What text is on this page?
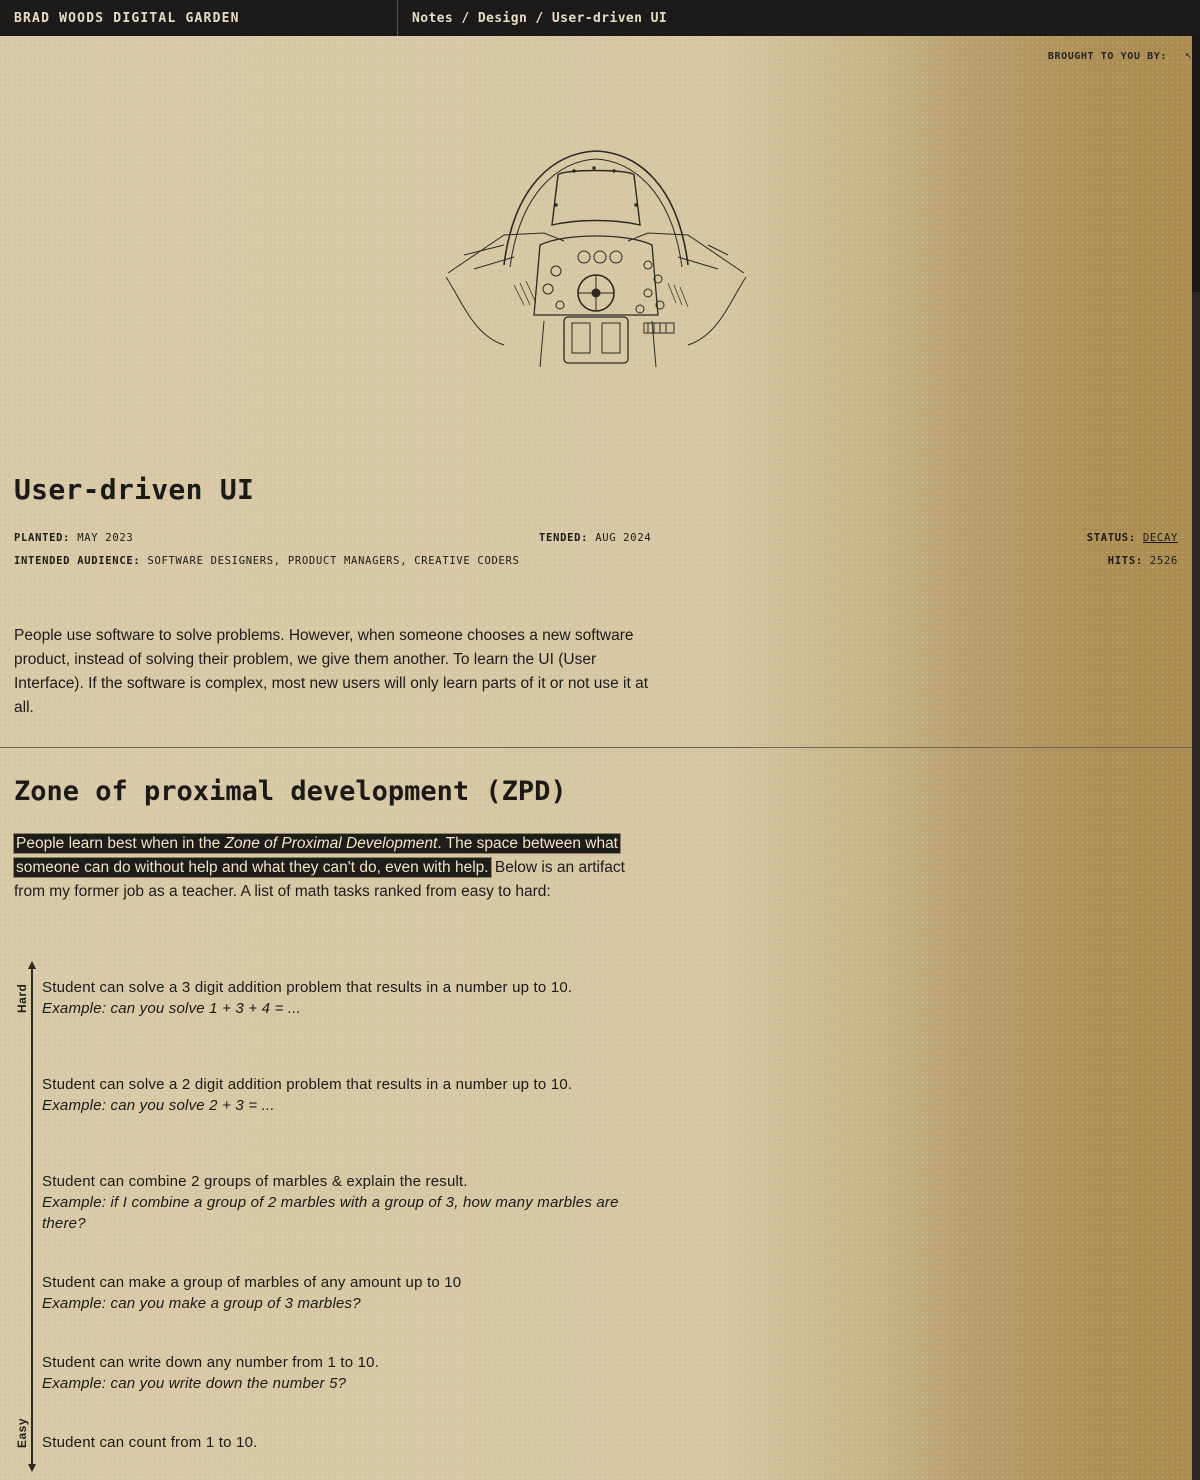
BRAD WOODS DIGITAL GARDEN	Notes / Design / User-driven UI
BROUGHT TO YOU BY: ↖
User-driven UI
PLANTED: MAY 2023	TENDED: AUG 2024	STATUS: DECAY
INTENDED AUDIENCE: SOFTWARE DESIGNERS, PRODUCT MANAGERS, CREATIVE CODERS	HITS: 2526

People use software to solve problems. However, when someone chooses a new software product, instead of solving their problem, we give them another. To learn the UI (User Interface). If the software is complex, most new users will only learn parts of it or not use it at all.

Zone of proximal development (ZPD)

People learn best when in the Zone of Proximal Development. The space between what someone can do without help and what they can't do, even with help. Below is an artifact from my former job as a teacher. A list of math tasks ranked from easy to hard:

Hard
Easy
Student can solve a 3 digit addition problem that results in a number up to 10.
Example: can you solve 1 + 3 + 4 = ...
Student can solve a 2 digit addition problem that results in a number up to 10.
Example: can you solve 2 + 3 = ...
Student can combine 2 groups of marbles & explain the result.
Example: if I combine a group of 2 marbles with a group of 3, how many marbles are there?
Student can make a group of marbles of any amount up to 10
Example: can you make a group of 3 marbles?
Student can write down any number from 1 to 10.
Example: can you write down the number 5?
Student can count from 1 to 10.
